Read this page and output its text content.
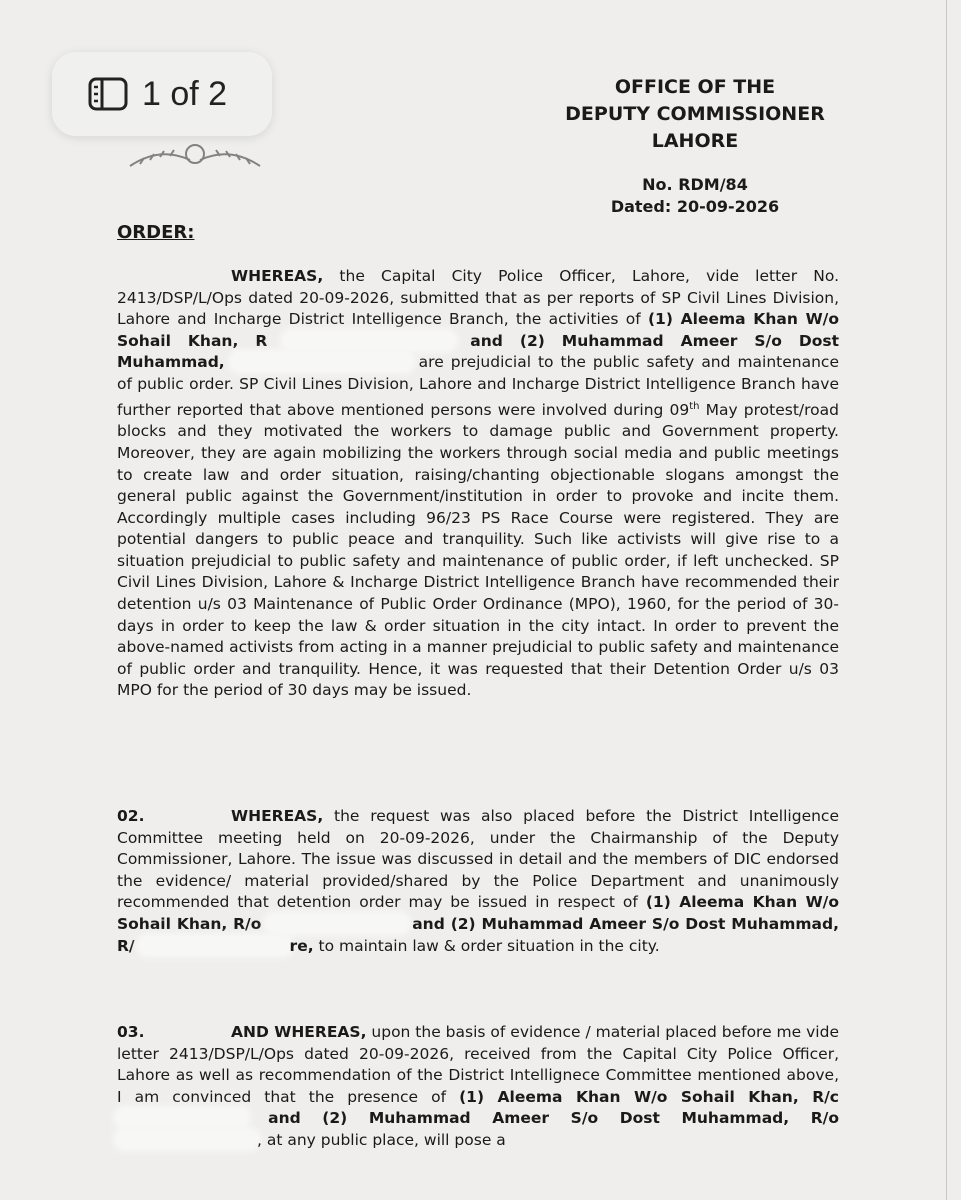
1 of 2	OFFICE OF THE
DEPUTY COMMISSIONER
LAHORE
No. RDM/84
Dated: 20-09-2026
ORDER:
WHEREAS, the Capital City Police Officer, Lahore, vide letter No. 2413/DSP/L/Ops dated 20-09-2026, submitted that as per reports of SP Civil Lines Division, Lahore and Incharge District Intelligence Branch, the activities of (1) Aleema Khan W/o Sohail Khan, R	and (2) Muhammad Ameer S/o Dost Muhammad,	are prejudicial to the public safety and maintenance of public order. SP Civil Lines Division, Lahore and Incharge District Intelligence Branch have further reported that above mentioned persons were involved during 09th May protest/road blocks and they motivated the workers to damage public and Government property. Moreover, they are again mobilizing the workers through social media and public meetings to create law and order situation, raising/chanting objectionable slogans amongst the general public against the Government/institution in order to provoke and incite them. Accordingly multiple cases including 96/23 PS Race Course were registered. They are potential dangers to public peace and tranquility. Such like activists will give rise to a situation prejudicial to public safety and maintenance of public order, if left unchecked. SP Civil Lines Division, Lahore & Incharge District Intelligence Branch have recommended their detention u/s 03 Maintenance of Public Order Ordinance (MPO), 1960, for the period of 30-days in order to keep the law & order situation in the city intact. In order to prevent the above-named activists from acting in a manner prejudicial to public safety and maintenance of public order and tranquility. Hence, it was requested that their Detention Order u/s 03 MPO for the period of 30 days may be issued.
02.	WHEREAS, the request was also placed before the District Intelligence Committee meeting held on 20-09-2026, under the Chairmanship of the Deputy Commissioner, Lahore. The issue was discussed in detail and the members of DIC endorsed the evidence/ material provided/shared by the Police Department and unanimously recommended that detention order may be issued in respect of (1) Aleema Khan W/o Sohail Khan, R/o	and (2) Muhammad Ameer S/o Dost Muhammad, R/	re, to maintain law & order situation in the city.
03.	AND WHEREAS, upon the basis of evidence / material placed before me vide letter 2413/DSP/L/Ops dated 20-09-2026, received from the Capital City Police Officer, Lahore as well as recommendation of the District Intellignece Committee mentioned above, I am convinced that the presence of (1) Aleema Khan W/o Sohail Khan, R/c  and (2) Muhammad Ameer S/o Dost Muhammad, R/o , at any public place, will pose a
